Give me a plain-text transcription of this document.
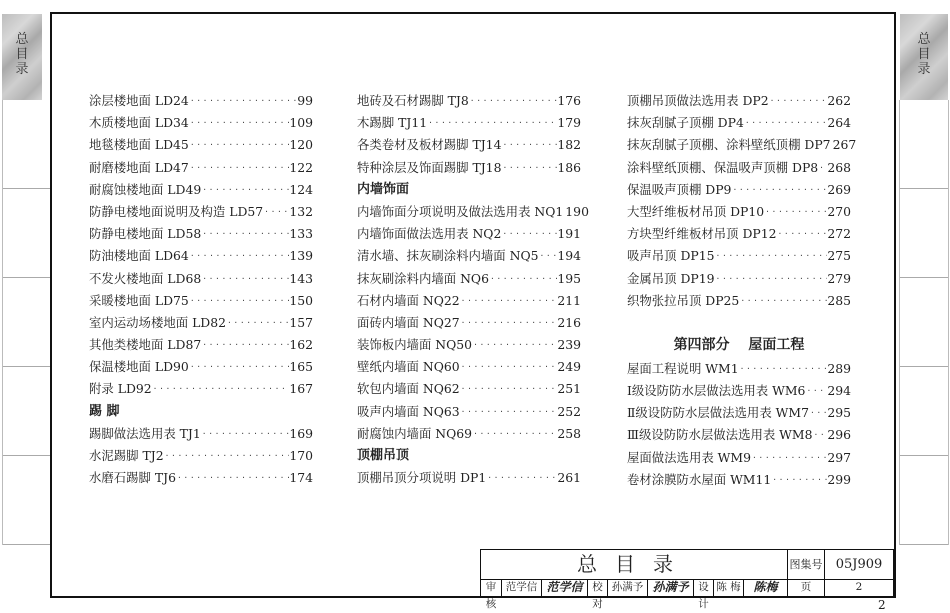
总
目
录
总
目
录
涂层楼地面 LD24 ·····	99
木质楼地面 LD34 ·····	109
地毯楼地面 LD45 ·····	120
耐磨楼地面 LD47 ·····	122
耐腐蚀楼地面 LD49 ·····	124
防静电楼地面说明及构造 LD57 ····· 132
防静电楼地面 LD58 ·····	133
防油楼地面 LD64 ·····	139
不发火楼地面 LD68 ·····	143
采暖楼地面 LD75 ·····	150
室内运动场楼地面 LD82 ·····	157
其他类楼地面 LD87 ·····	162
保温楼地面 LD90 ·····	165
附录 LD92 ·····	167
踢 脚
踢脚做法选用表 TJ1 ·····	169
水泥踢脚 TJ2 ·····	170
水磨石踢脚 TJ6 ·····	174
地砖及石材踢脚 TJ8 ·····	176
木踢脚 TJ11 ·····	179
各类卷材及板材踢脚 TJ14 ·····	182
特种涂层及饰面踢脚 TJ18 ·····	186
内墙饰面
内墙饰面分项说明及做法选用表 NQ1 ····· 190
内墙饰面做法选用表 NQ2 ·····	191
清水墙、抹灰刷涂料内墙面 NQ5 ····· 194
抹灰刷涂料内墙面 NQ6 ·····	195
石材内墙面 NQ22 ·····	211
面砖内墙面 NQ27 ·····	216
装饰板内墙面 NQ50 ·····	239
壁纸内墙面 NQ60 ·····	249
软包内墙面 NQ62 ·····	251
吸声内墙面 NQ63 ·····	252
耐腐蚀内墙面 NQ69 ·····	258
顶棚吊顶
顶棚吊顶分项说明 DP1 ·····	261
顶棚吊顶做法选用表 DP2 ·····	262
抹灰刮腻子顶棚 DP4 ·····	264
抹灰刮腻子顶棚、涂料壁纸顶棚 DP7 ····· 267
涂料壁纸顶棚、保温吸声顶棚 DP8 ····· 268
保温吸声顶棚 DP9 ·····	269
大型纤维板材吊顶 DP10 ·····	270
方块型纤维板材吊顶 DP12 ·····	272
吸声吊顶 DP15 ·····	275
金属吊顶 DP19 ·····	279
织物张拉吊顶 DP25 ·····	285
第四部分　 屋面工程
屋面工程说明 WM1 ·····	289
Ⅰ级设防防水层做法选用表 WM6 ····· 294
Ⅱ级设防防水层做法选用表 WM7 ····· 295
Ⅲ级设防防水层做法选用表 WM8 ····· 296
屋面做法选用表 WM9 ·····	297
卷材涂膜防水屋面 WM11 ·····	299
总目录	图集号	05J909
审核
范学信 范学信 校对
孙满予 孙满予 设计
陈 梅	陈梅	页	2
2
